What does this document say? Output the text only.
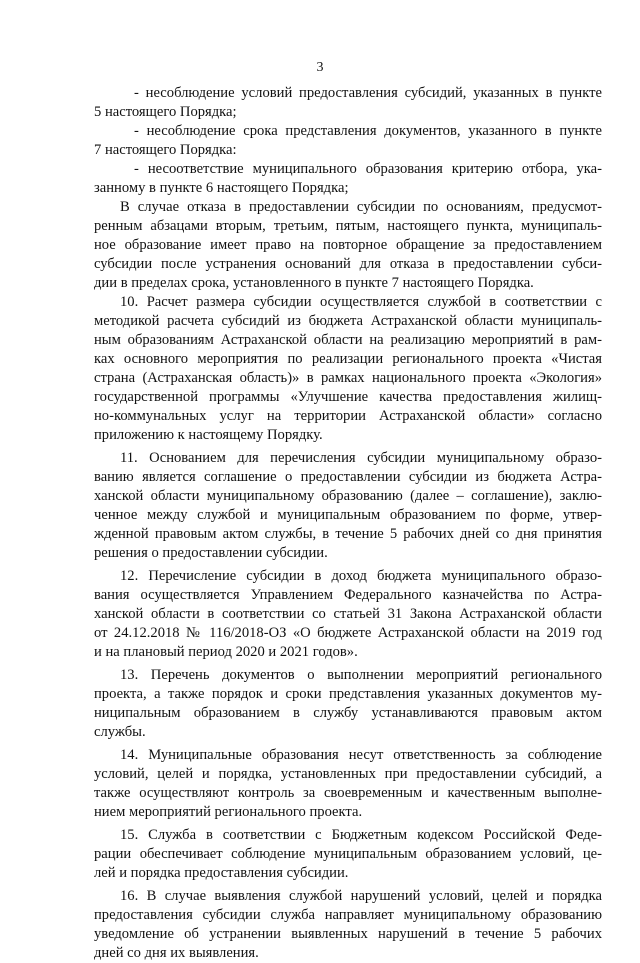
3
- несоблюдение условий предоставления субсидий, указанных в пункте
5 настоящего Порядка;
- несоблюдение срока представления документов, указанного в пункте
7 настоящего Порядка:
- несоответствие муниципального образования критерию отбора, ука-
занному в пункте 6 настоящего Порядка;
В случае отказа в предоставлении субсидии по основаниям, предусмот-
ренным абзацами вторым, третьим, пятым, настоящего пункта, муниципаль-
ное образование имеет право на повторное обращение за предоставлением
субсидии после устранения оснований для отказа в предоставлении субси-
дии в пределах срока, установленного в пункте 7 настоящего Порядка.
10. Расчет размера субсидии осуществляется службой в соответствии с
методикой расчета субсидий из бюджета Астраханской области муниципаль-
ным образованиям Астраханской области на реализацию мероприятий в рам-
ках основного мероприятия по реализации регионального проекта «Чистая
страна (Астраханская область)» в рамках национального проекта «Экология»
государственной программы «Улучшение качества предоставления жилищ-
но-коммунальных услуг на территории Астраханской области» согласно
приложению к настоящему Порядку.
11. Основанием для перечисления субсидии муниципальному образо-
ванию является соглашение о предоставлении субсидии из бюджета Астра-
ханской области муниципальному образованию (далее – соглашение), заклю-
ченное между службой и муниципальным образованием по форме, утвер-
жденной правовым актом службы, в течение 5 рабочих дней со дня принятия
решения о предоставлении субсидии.
12. Перечисление субсидии в доход бюджета муниципального образо-
вания осуществляется Управлением Федерального казначейства по Астра-
ханской области в соответствии со статьей 31 Закона Астраханской области
от 24.12.2018 № 116/2018-ОЗ «О бюджете Астраханской области на 2019 год
и на плановый период 2020 и 2021 годов».
13. Перечень документов о выполнении мероприятий регионального
проекта, а также порядок и сроки представления указанных документов му-
ниципальным образованием в службу устанавливаются правовым актом
службы.
14. Муниципальные образования несут ответственность за соблюдение
условий, целей и порядка, установленных при предоставлении субсидий, а
также осуществляют контроль за своевременным и качественным выполне-
нием мероприятий регионального проекта.
15. Служба в соответствии с Бюджетным кодексом Российской Феде-
рации обеспечивает соблюдение муниципальным образованием условий, це-
лей и порядка предоставления субсидии.
16. В случае выявления службой нарушений условий, целей и порядка
предоставления субсидии служба направляет муниципальному образованию
уведомление об устранении выявленных нарушений в течение 5 рабочих
дней со дня их выявления.
